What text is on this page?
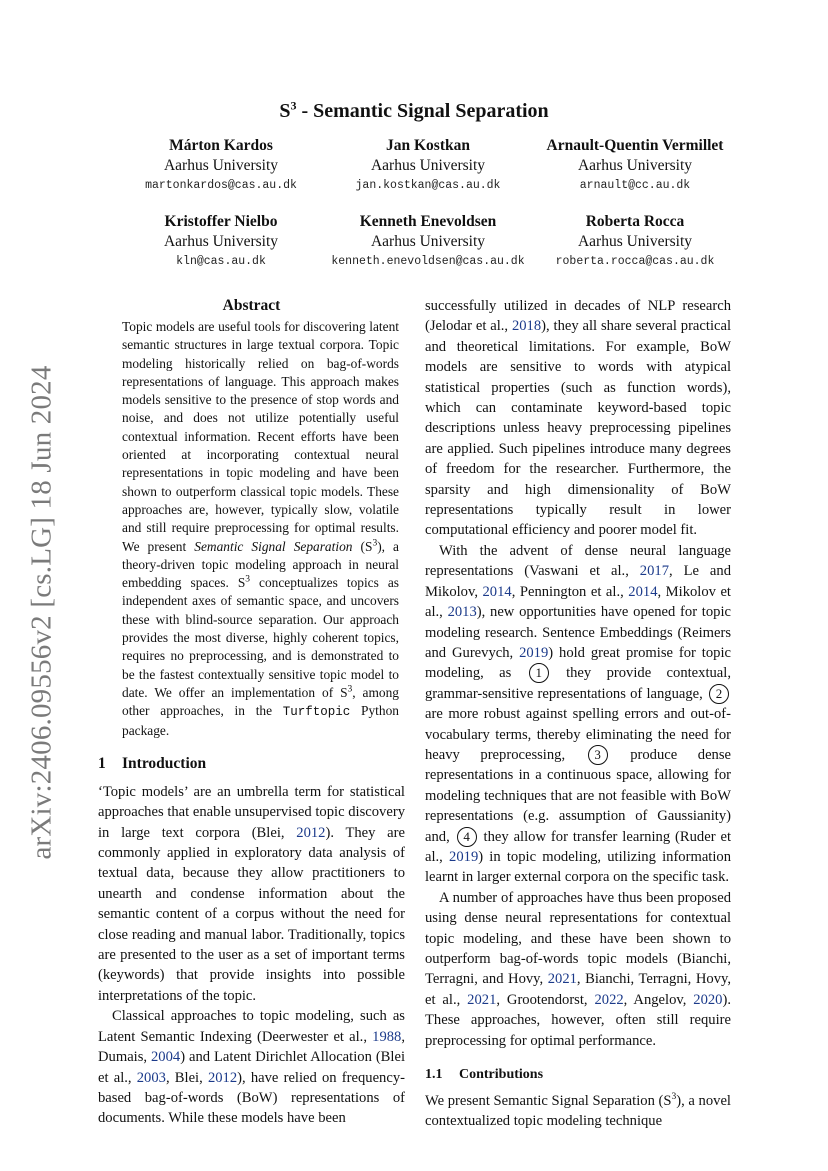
arXiv:2406.09556v2 [cs.LG] 18 Jun 2024
$S^3$ - Semantic Signal Separation
Márton Kardos
Aarhus University
martonkardos@cas.au.dk
Jan Kostkan
Aarhus University
jan.kostkan@cas.au.dk
Arnault-Quentin Vermillet
Aarhus University
arnault@cc.au.dk
Kristoffer Nielbo
Aarhus University
kln@cas.au.dk
Kenneth Enevoldsen
Aarhus University
kenneth.enevoldsen@cas.au.dk
Roberta Rocca
Aarhus University
roberta.rocca@cas.au.dk
Abstract

Topic models are useful tools for discovering latent semantic structures in large textual corpora. Topic modeling historically relied on bag-of-words representations of language. This approach makes models sensitive to the presence of stop words and noise, and does not utilize potentially useful contextual information. Recent efforts have been oriented at incorporating contextual neural representations in topic modeling and have been shown to outperform classical topic models. These approaches are, however, typically slow, volatile and still require preprocessing for optimal results. We present Semantic Signal Separation $(S^3)$, a theory-driven topic modeling approach in neural embedding spaces. $S^3$ conceptualizes topics as independent axes of semantic space, and uncovers these with blind-source separation. Our approach provides the most diverse, highly coherent topics, requires no preprocessing, and is demonstrated to be the fastest contextually sensitive topic model to date. We offer an implementation of $S^3$, among other approaches, in the Turftopic Python package.

1 Introduction

‘Topic models’ are an umbrella term for statistical approaches that enable unsupervised topic discovery in large text corpora (Blei, 2012). They are commonly applied in exploratory data analysis of textual data, because they allow practitioners to unearth and condense information about the semantic content of a corpus without the need for close reading and manual labor. Traditionally, topics are presented to the user as a set of important terms (keywords) that provide insights into possible interpretations of the topic.

Classical approaches to topic modeling, such as Latent Semantic Indexing (Deerwester et al., 1988, Dumais, 2004) and Latent Dirichlet Allocation (Blei et al., 2003, Blei, 2012), have relied on frequency-based bag-of-words (BoW) representations of documents. While these models have been

successfully utilized in decades of NLP research (Jelodar et al., 2018), they all share several practical and theoretical limitations. For example, BoW models are sensitive to words with atypical statistical properties (such as function words), which can contaminate keyword-based topic descriptions unless heavy preprocessing pipelines are applied. Such pipelines introduce many degrees of freedom for the researcher. Furthermore, the sparsity and high dimensionality of BoW representations typically result in lower computational efficiency and poorer model fit.

With the advent of dense neural language representations (Vaswani et al., 2017, Le and Mikolov, 2014, Pennington et al., 2014, Mikolov et al., 2013), new opportunities have opened for topic modeling research. Sentence Embeddings (Reimers and Gurevych, 2019) hold great promise for topic modeling, as 1 they provide contextual, grammar-sensitive representations of language, 2 are more robust against spelling errors and out-of-vocabulary terms, thereby eliminating the need for heavy preprocessing, 3 produce dense representations in a continuous space, allowing for modeling techniques that are not feasible with BoW representations (e.g. assumption of Gaussianity) and, 4 they allow for transfer learning (Ruder et al., 2019) in topic modeling, utilizing information learnt in larger external corpora on the specific task.

A number of approaches have thus been proposed using dense neural representations for contextual topic modeling, and these have been shown to outperform bag-of-words topic models (Bianchi, Terragni, and Hovy, 2021, Bianchi, Terragni, Hovy, et al., 2021, Grootendorst, 2022, Angelov, 2020). These approaches, however, often still require preprocessing for optimal performance.

1.1 Contributions

We present Semantic Signal Separation $(S^3)$, a novel contextualized topic modeling technique
